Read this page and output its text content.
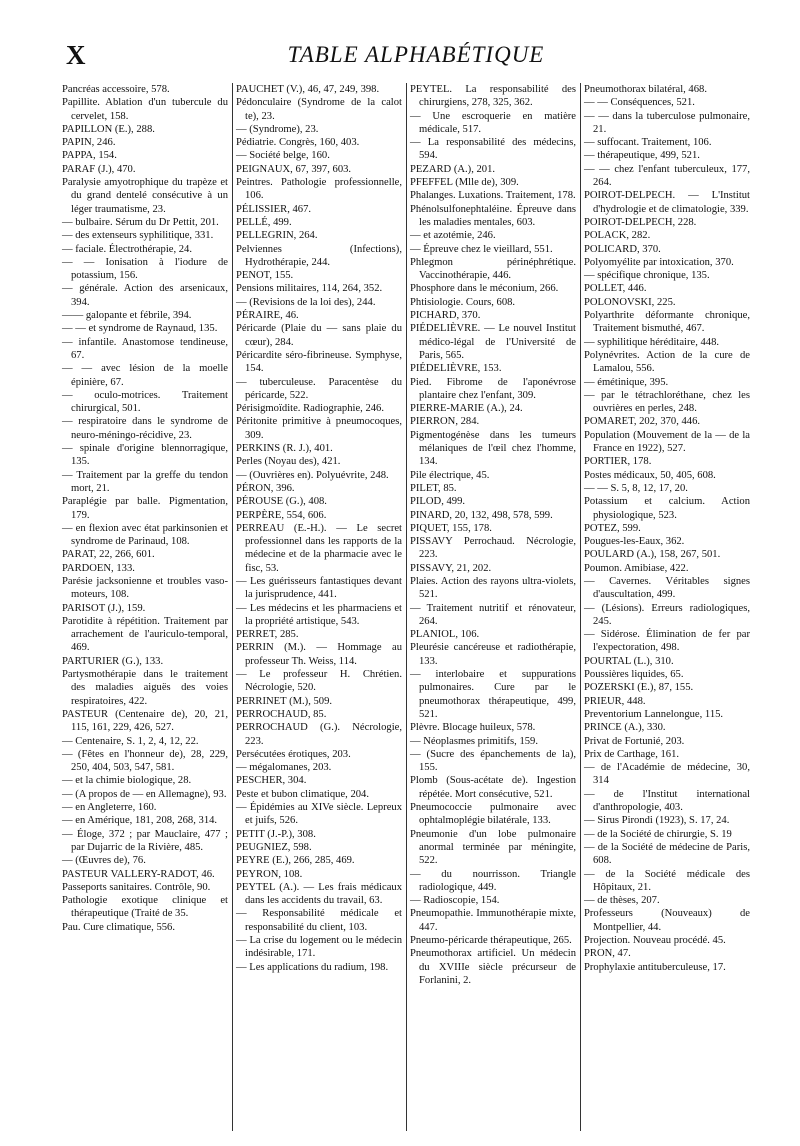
X	TABLE ALPHABÉTIQUE

Pancréas accessoire, 578.

Papillite. Ablation d'un tubercule du cervelet, 158.

PAPILLON (E.), 288.

PAPIN, 246.

PAPPA, 154.

PARAF (J.), 470.

Paralysie amyotrophique du trapèze et du grand dentelé consécutive à un léger traumatisme, 23.

— bulbaire. Sérum du Dr Pettit, 201.

— des extenseurs syphilitique, 331.

— faciale. Électrothérapie, 24.

— — Ionisation à l'iodure de potassium, 156.

— générale. Action des arsenicaux, 394.

—— galopante et fébrile, 394.

— — et syndrome de Raynaud, 135.

— infantile. Anastomose tendineuse, 67.

— — avec lésion de la moelle épinière, 67.

— oculo-motrices. Traitement chirurgical, 501.

— respiratoire dans le syndrome de neuro-méningo-récidive, 23.

— spinale d'origine blennorragique, 135.

— Traitement par la greffe du tendon mort, 21.

Paraplégie par balle. Pigmentation, 179.

— en flexion avec état parkinsonien et syndrome de Parinaud, 108.

PARAT, 22, 266, 601.

PARDOEN, 133.

Parésie jacksonienne et troubles vaso-moteurs, 108.

PARISOT (J.), 159.

Parotidite à répétition. Traitement par arrachement de l'auriculo-temporal, 469.

PARTURIER (G.), 133.

Partysmothérapie dans le traitement des maladies aiguës des voies respiratoires, 422.

PASTEUR (Centenaire de), 20, 21, 115, 161, 229, 426, 527.

— Centenaire, S. 1, 2, 4, 12, 22.

— (Fêtes en l'honneur de), 28, 229, 250, 404, 503, 547, 581.

— et la chimie biologique, 28.

— (A propos de — en Allemagne), 93.

— en Angleterre, 160.

— en Amérique, 181, 208, 268, 314.

— Éloge, 372 ; par Mauclaire, 477 ; par Dujarric de la Rivière, 485.

— (Œuvres de), 76.

PASTEUR VALLERY-RADOT, 46.

Passeports sanitaires. Contrôle, 90.

Pathologie exotique clinique et thérapeutique (Traité de 35.

Pau. Cure climatique, 556.

PAUCHET (V.), 46, 47, 249, 398.

Pédonculaire (Syndrome de la calot te), 23.

— (Syndrome), 23.

Pédiatrie. Congrès, 160, 403.

— Société belge, 160.

PEIGNAUX, 67, 397, 603.

Peintres. Pathologie professionnelle, 106.

PÉLISSIER, 467.

PELLÉ, 499.

PELLEGRIN, 264.

Pelviennes (Infections), Hydrothérapie, 244.

PENOT, 155.

Pensions militaires, 114, 264, 352.

— (Revisions de la loi des), 244.

PÉRAIRE, 46.

Péricarde (Plaie du — sans plaie du cœur), 284.

Péricardite séro-fibrineuse. Symphyse, 154.

— tuberculeuse. Paracentèse du péricarde, 522.

Périsigmoïdite. Radiographie, 246.

Péritonite primitive à pneumocoques, 309.

PERKINS (R. J.), 401.

Perles (Noyau des), 421.

— (Ouvrières en). Polyuévrite, 248.

PÉRON, 396.

PÉROUSE (G.), 408.

PERPÈRE, 554, 606.

PERREAU (E.-H.). — Le secret professionnel dans les rapports de la médecine et de la pharmacie avec le fisc, 53.

— Les guérisseurs fantastiques devant la jurisprudence, 441.

— Les médecins et les pharmaciens et la propriété artistique, 543.

PERRET, 285.

PERRIN (M.). — Hommage au professeur Th. Weiss, 114.

— Le professeur H. Chrétien. Nécrologie, 520.

PERRINET (M.), 509.

PERROCHAUD, 85.

PERROCHAUD (G.). Nécrologie, 223.

Persécutées érotiques, 203.

— mégalomanes, 203.

PESCHER, 304.

Peste et bubon climatique, 204.

— Épidémies au XIVe siècle. Lepreux et juifs, 526.

PETIT (J.-P.), 308.

PEUGNIEZ, 598.

PEYRE (E.), 266, 285, 469.

PEYRON, 108.

PEYTEL (A.). — Les frais médicaux dans les accidents du travail, 63.

— Responsabilité médicale et responsabilité du client, 103.

— La crise du logement ou le médecin indésirable, 171.

— Les applications du radium, 198.

PEYTEL. La responsabilité des chirurgiens, 278, 325, 362.

— Une escroquerie en matière médicale, 517.

— La responsabilité des médecins, 594.

PEZARD (A.), 201.

PFEFFEL (Mlle de), 309.

Phalanges. Luxations. Traitement, 178.

Phénolsulfonephtaléine. Épreuve dans les maladies mentales, 603.

— et azotémie, 246.

— Épreuve chez le vieillard, 551.

Phlegmon périnéphrétique. Vaccinothérapie, 446.

Phosphore dans le méconium, 266.

Phtisiologie. Cours, 608.

PICHARD, 370.

PIÉDELIÈVRE. — Le nouvel Institut médico-légal de l'Université de Paris, 565.

PIÉDELIÈVRE, 153.

Pied. Fibrome de l'aponévrose plantaire chez l'enfant, 309.

PIERRE-MARIE (A.), 24.

PIERRON, 284.

Pigmentogénèse dans les tumeurs mélaniques de l'œil chez l'homme, 134.

Pile électrique, 45.

PILET, 85.

PILOD, 499.

PINARD, 20, 132, 498, 578, 599.

PIQUET, 155, 178.

PISSAVY Perrochaud. Nécrologie, 223.

PISSAVY, 21, 202.

Plaies. Action des rayons ultra-violets, 521.

— Traitement nutritif et rénovateur, 264.

PLANIOL, 106.

Pleurésie cancéreuse et radiothérapie, 133.

— interlobaire et suppurations pulmonaires. Cure par le pneumothorax thérapeutique, 499, 521.

Plèvre. Blocage huileux, 578.

— Néoplasmes primitifs, 159.

— (Sucre des épanchements de la), 155.

Plomb (Sous-acétate de). Ingestion répétée. Mort consécutive, 521.

Pneumococcie pulmonaire avec ophtalmoplégie bilatérale, 133.

Pneumonie d'un lobe pulmonaire anormal terminée par méningite, 522.

— du nourrisson. Triangle radiologique, 449.

— Radioscopie, 154.

Pneumopathie. Immunothérapie mixte, 447.

Pneumo-péricarde thérapeutique, 265.

Pneumothorax artificiel. Un médecin du XVIIIe siècle précurseur de Forlanini, 2.

Pneumothorax bilatéral, 468.

— — Conséquences, 521.

— — dans la tuberculose pulmonaire, 21.

— suffocant. Traitement, 106.

— thérapeutique, 499, 521.

— — chez l'enfant tuberculeux, 177, 264.

POIROT-DELPECH. — L'Institut d'hydrologie et de climatologie, 339.

POIROT-DELPECH, 228.

POLACK, 282.

POLICARD, 370.

Polyomyélite par intoxication, 370.

— spécifique chronique, 135.

POLLET, 446.

POLONOVSKI, 225.

Polyarthrite déformante chronique, Traitement bismuthé, 467.

— syphilitique héréditaire, 448.

Polynévrites. Action de la cure de Lamalou, 556.

— émétinique, 395.

— par le tétrachloréthane, chez les ouvrières en perles, 248.

POMARET, 202, 370, 446.

Population (Mouvement de la — de la France en 1922), 527.

PORTIER, 178.

Postes médicaux, 50, 405, 608.

— — S. 5, 8, 12, 17, 20.

Potassium et calcium. Action physiologique, 523.

POTEZ, 599.

Pougues-les-Eaux, 362.

POULARD (A.), 158, 267, 501.

Poumon. Amibiase, 422.

— Cavernes. Véritables signes d'auscultation, 499.

— (Lésions). Erreurs radiologiques, 245.

— Sidérose. Élimination de fer par l'expectoration, 498.

POURTAL (L.), 310.

Poussières liquides, 65.

POZERSKI (E.), 87, 155.

PRIEUR, 448.

Preventorium Lannelongue, 115.

PRINCE (A.), 330.

Privat de Fortunié, 203.

Prix de Carthage, 161.

— de l'Académie de médecine, 30, 314

— de l'Institut international d'anthropologie, 403.

— Sirus Pirondi (1923), S. 17, 24.

— de la Société de chirurgie, S. 19

— de la Société de médecine de Paris, 608.

— de la Société médicale des Hôpitaux, 21.

— de thèses, 207.

Professeurs (Nouveaux) de Montpellier, 44.

Projection. Nouveau procédé. 45.

PRON, 47.

Prophylaxie antituberculeuse, 17.
